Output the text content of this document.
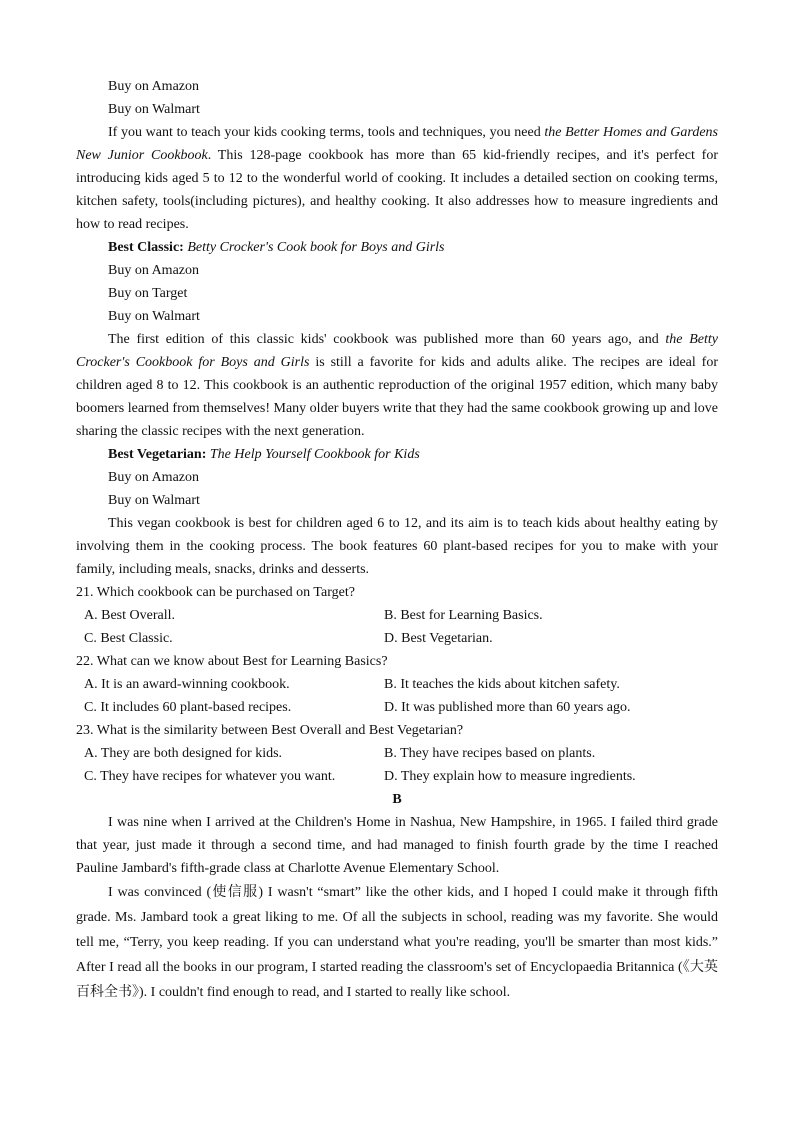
Buy on Amazon
Buy on Walmart
If you want to teach your kids cooking terms, tools and techniques, you need the Better Homes and Gardens New Junior Cookbook. This 128-page cookbook has more than 65 kid-friendly recipes, and it's perfect for introducing kids aged 5 to 12 to the wonderful world of cooking. It includes a detailed section on cooking terms, kitchen safety, tools(including pictures), and healthy cooking. It also addresses how to measure ingredients and how to read recipes.
Best Classic: Betty Crocker's Cook book for Boys and Girls
Buy on Amazon
Buy on Target
Buy on Walmart
The first edition of this classic kids' cookbook was published more than 60 years ago, and the Betty Crocker's Cookbook for Boys and Girls is still a favorite for kids and adults alike. The recipes are ideal for children aged 8 to 12. This cookbook is an authentic reproduction of the original 1957 edition, which many baby boomers learned from themselves! Many older buyers write that they had the same cookbook growing up and love sharing the classic recipes with the next generation.
Best Vegetarian: The Help Yourself Cookbook for Kids
Buy on Amazon
Buy on Walmart
This vegan cookbook is best for children aged 6 to 12, and its aim is to teach kids about healthy eating by involving them in the cooking process. The book features 60 plant-based recipes for you to make with your family, including meals, snacks, drinks and desserts.
21. Which cookbook can be purchased on Target?
A. Best Overall.	B. Best for Learning Basics.
C. Best Classic.	D. Best Vegetarian.
22. What can we know about Best for Learning Basics?
A. It is an award-winning cookbook.	B. It teaches the kids about kitchen safety.
C. It includes 60 plant-based recipes.	D. It was published more than 60 years ago.
23. What is the similarity between Best Overall and Best Vegetarian?
A. They are both designed for kids.	B. They have recipes based on plants.
C. They have recipes for whatever you want.	D. They explain how to measure ingredients.
B
I was nine when I arrived at the Children's Home in Nashua, New Hampshire, in 1965. I failed third grade that year, just made it through a second time, and had managed to finish fourth grade by the time I reached Pauline Jambard's fifth-grade class at Charlotte Avenue Elementary School.
I was convinced (使信服) I wasn't “smart” like the other kids, and I hoped I could make it through fifth grade. Ms. Jambard took a great liking to me. Of all the subjects in school, reading was my favorite. She would tell me, “Terry, you keep reading. If you can understand what you're reading, you'll be smarter than most kids.” After I read all the books in our program, I started reading the classroom's set of Encyclopaedia Britannica (《大英百科全书》). I couldn't find enough to read, and I started to really like school.
